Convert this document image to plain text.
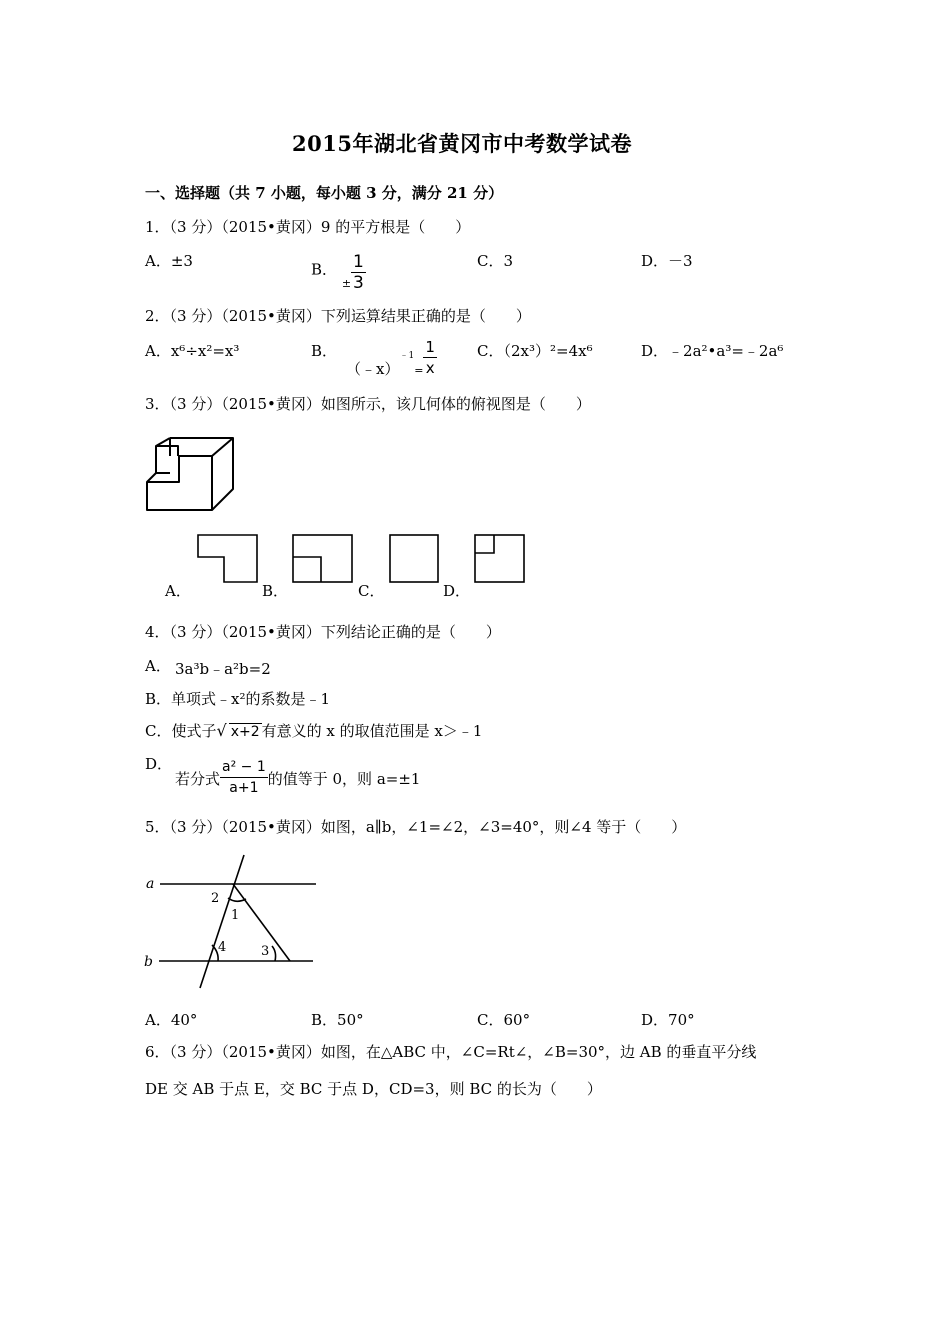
2015年湖北省黄冈市中考数学试卷
一、选择题（共 7 小题，每小题 3 分，满分 21 分）
1．（3 分）（2015•黄冈）9 的平方根是（　　）
A．±3	B． $_\pm \frac{1}{3}$	C．3	D．－3
2．（3 分）（2015•黄冈）下列运算结果正确的是（　　）
A．x⁶÷x²=x³	B．
（﹣x）$^{﹣1}_=$ $\frac{1}{x}$	C．（2x³）²=4x⁶	D．﹣2a²•a³=﹣2a⁶
3．（3 分）（2015•黄冈）如图所示，该几何体的俯视图是（　　）
A．	B．	C．	D．
4．（3 分）（2015•黄冈）下列结论正确的是（　　）
A． 3a³b﹣a²b=2
B．单项式﹣x²的系数是﹣1
C．使式子√ x+2 有意义的 x 的取值范围是 x＞﹣1
D．
若分式 $\frac{\text{a² − 1}}{a+1}$ 的值等于 0，则 a=±1
5．（3 分）（2015•黄冈）如图，a∥b，∠1=∠2，∠3=40°，则∠4 等于（　　）
a
b
2
1
3
4
A．40°	B．50°	C．60°	D．70°
6．（3 分）（2015•黄冈）如图，在△ABC 中，∠C=Rt∠，∠B=30°，边 AB 的垂直平分线
DE 交 AB 于点 E，交 BC 于点 D，CD=3，则 BC 的长为（　　）
